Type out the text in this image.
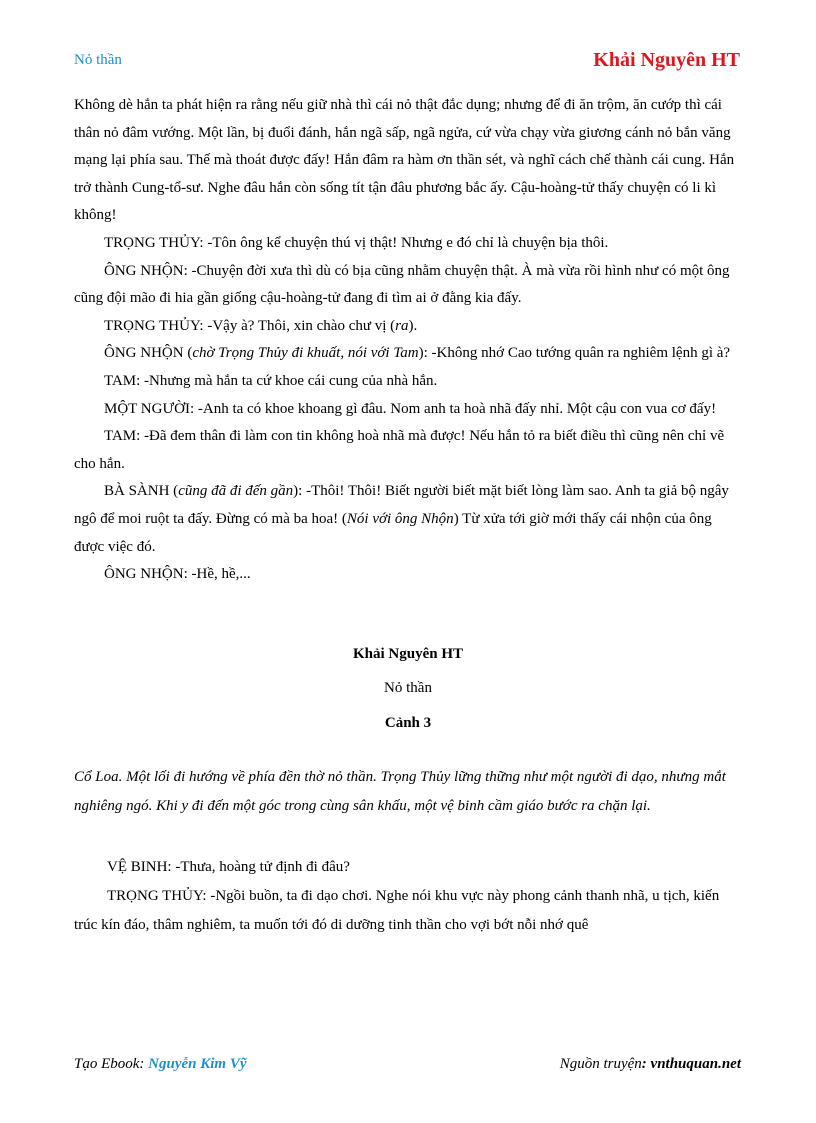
Nỏ thần	Khải Nguyên HT

Không dè hắn ta phát hiện ra rằng nếu giữ nhà thì cái nỏ thật đắc dụng; nhưng để đi ăn trộm, ăn cướp thì cái thân nỏ đâm vướng. Một lần, bị đuổi đánh, hắn ngã sấp, ngã ngửa, cứ vừa chạy vừa giương cánh nỏ bắn văng mạng lại phía sau. Thế mà thoát được đấy! Hắn đâm ra hàm ơn thần sét, và nghĩ cách chế thành cái cung. Hắn trở thành Cung-tổ-sư. Nghe đâu hắn còn sống tít tận đâu phương bắc ấy. Cậu-hoàng-tử thấy chuyện có li kì không!

TRỌNG THỦY: -Tôn ông kể chuyện thú vị thật! Nhưng e đó chỉ là chuyện bịa thôi.

ÔNG NHỘN: -Chuyện đời xưa thì dù có bịa cũng nhằm chuyện thật. À mà vừa rồi hình như có một ông cũng đội mão đi hia gần giống cậu-hoàng-tử đang đi tìm ai ở đằng kia đấy.

TRỌNG THỦY: -Vậy à? Thôi, xin chào chư vị (ra).

ÔNG NHỘN (chờ Trọng Thủy đi khuất, nói với Tam): -Không nhớ Cao tướng quân ra nghiêm lệnh gì à?

TAM: -Nhưng mà hắn ta cứ khoe cái cung của nhà hắn.

MỘT NGƯỜI: -Anh ta có khoe khoang gì đâu. Nom anh ta hoà nhã đấy nhỉ. Một cậu con vua cơ đấy!

TAM: -Đã đem thân đi làm con tin không hoà nhã mà được! Nếu hắn tỏ ra biết điều thì cũng nên chỉ vẽ cho hắn.

BÀ SÀNH (cũng đã đi đến gần): -Thôi! Thôi! Biết người biết mặt biết lòng làm sao. Anh ta giả bộ ngây ngô để moi ruột ta đấy. Đừng có mà ba hoa! (Nói với ông Nhộn) Từ xửa tới giờ mới thấy cái nhộn của ông được việc đó.

ÔNG NHỘN: -Hề, hề,...

Khải Nguyên HT

Nỏ thần

Cảnh 3

Cổ Loa. Một lối đi hướng về phía đền thờ nỏ thần. Trọng Thủy lững thững như một người đi dạo, nhưng mắt nghiêng ngó. Khi y đi đến một góc trong cùng sân khấu, một vệ binh cầm giáo bước ra chặn lại.

VỆ BINH: -Thưa, hoàng tử định đi đâu?

TRỌNG THỦY: -Ngồi buồn, ta đi dạo chơi. Nghe nói khu vực này phong cảnh thanh nhã, u tịch, kiến trúc kín đáo, thâm nghiêm, ta muốn tới đó di dưỡng tinh thần cho vợi bớt nỗi nhớ quê

Tạo Ebook: Nguyễn Kim Vỹ	Nguồn truyện: vnthuquan.net
